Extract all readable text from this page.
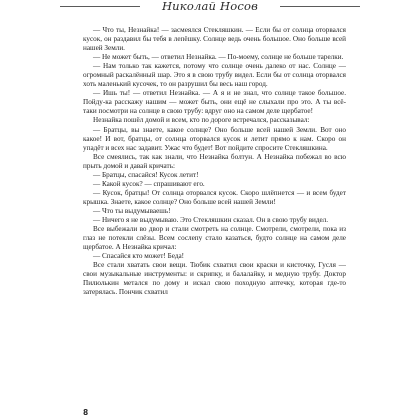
Николай Носов

— Что ты, Незнайка! — засмеялся Стекляшкин. — Если бы от солнца оторвался кусок, он раздавил бы тебя в лепёшку. Солнце ведь очень большое. Оно больше всей нашей Земли.

— Не может быть, — ответил Незнайка. — По-моему, солнце не больше тарелки.

— Нам только так кажется, потому что солнце очень далеко от нас. Солнце — огромный раскалённый шар. Это я в свою трубу видел. Если бы от солнца оторвался хоть маленький кусочек, то он разрушил бы весь наш город.

— Ишь ты! — ответил Незнайка. — А я и не знал, что солнце такое большое. Пойду-ка расскажу нашим — может быть, они ещё не слыхали про это. А ты всё-таки посмотри на солнце в свою трубу: вдруг оно на самом деле щербатое!

Незнайка пошёл домой и всем, кто по дороге встречался, рассказывал:

— Братцы, вы знаете, какое солнце? Оно больше всей нашей Земли. Вот оно какое! И вот, братцы, от солнца оторвался кусок и летит прямо к нам. Скоро он упадёт и всех нас задавит. Ужас что будет! Вот пойдите спросите Стекляшкина.

Все смеялись, так как знали, что Незнайка болтун. А Незнайка побежал во всю прыть домой и давай кричать:

— Братцы, спасайся! Кусок летит!

— Какой кусок? — спрашивают его.

— Кусок, братцы! От солнца оторвался кусок. Скоро шлёпнется — и всем будет крышка. Знаете, какое солнце? Оно больше всей нашей Земли!

— Что ты выдумываешь!

— Ничего я не выдумываю. Это Стекляшкин сказал. Он в свою трубу видел.

Все выбежали во двор и стали смотреть на солнце. Смотрели, смотрели, пока из глаз не потекли слёзы. Всем сослепу стало казаться, будто солнце на самом деле щербатое. А Незнайка кричал:

— Спасайся кто может! Беда!

Все стали хватать свои вещи. Тюбик схватил свои краски и кисточку, Гусля — свои музыкальные инструменты: и скрипку, и балалайку, и медную трубу. Доктор Пилюлькин метался по дому и искал свою походную аптечку, которая где-то затерялась. Пончик схватил

8
